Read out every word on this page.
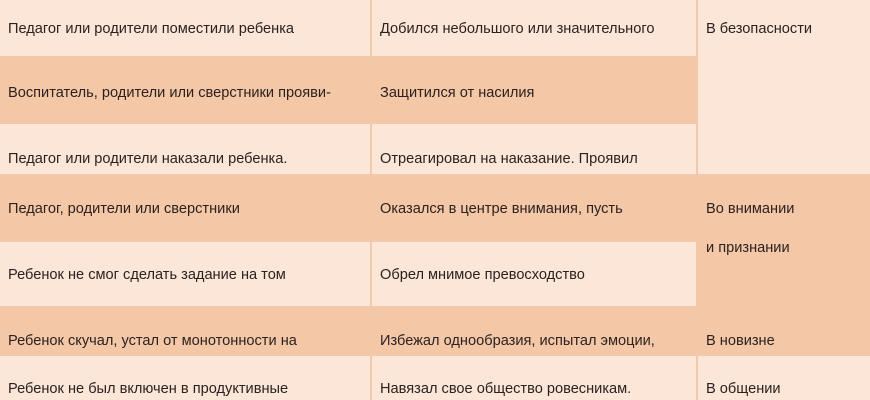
Педагог или родители поместили ребенка	Добился небольшого или значительного	В безопасности

Воспитатель, родители или сверстники прояви-	Защитился от насилия

Педагог или родители наказали ребенка.	Отреагировал на наказание. Проявил

Педагог, родители или сверстники	Оказался в центре внимания, пусть	Во внимании

и признании

Ребенок не смог сделать задание на том	Обрел мнимое превосходство

Ребенок скучал, устал от монотонности на	Избежал однообразия, испытал эмоции,	В новизне

Ребенок не был включен в продуктивные	Навязал свое общество ровесникам.	В общении
